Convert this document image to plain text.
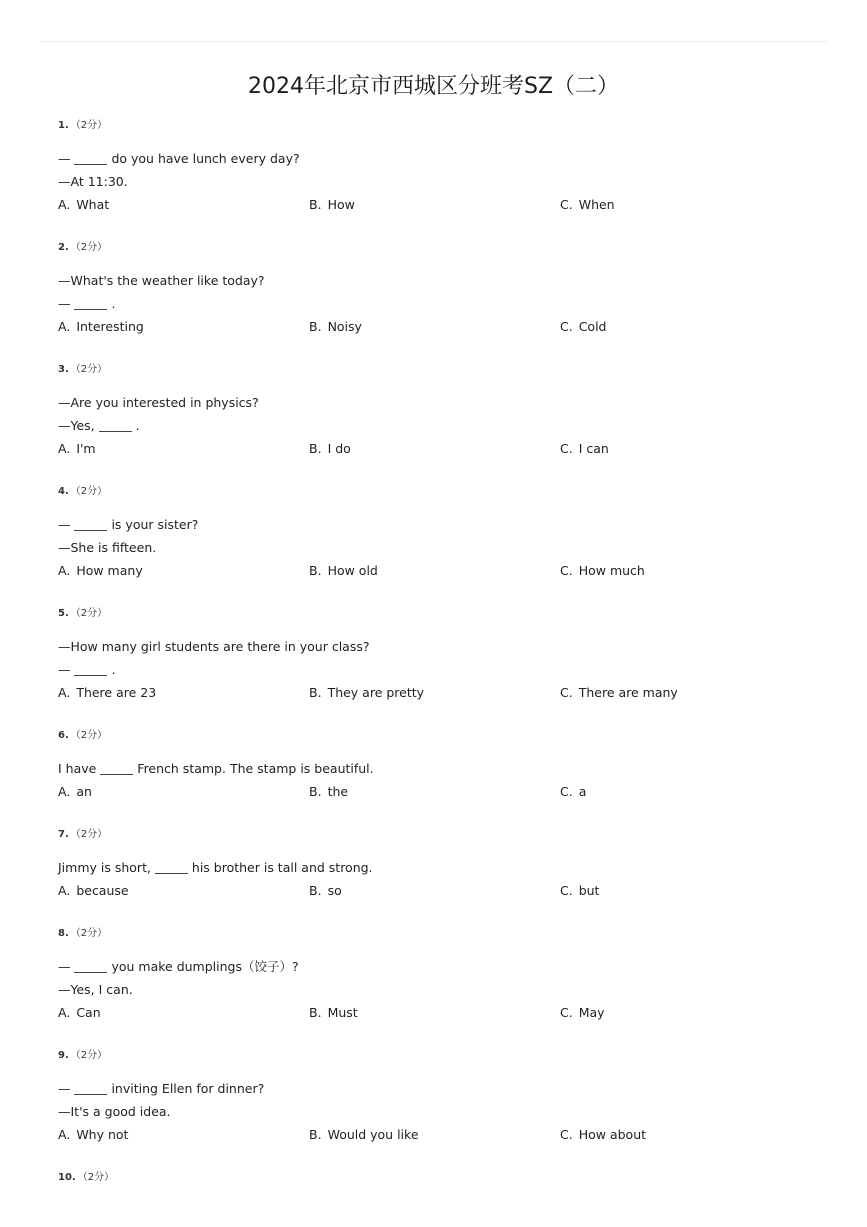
2024年北京市西城区分班考SZ（二）
1. （2分）
—	do you have lunch every day?
—At 11:30.
A. What	B. How	C. When
2. （2分）
—What's the weather like today?
—	.
A. Interesting	B. Noisy	C. Cold
3. （2分）
—Are you interested in physics?
—Yes,	.
A. I'm	B. I do	C. I can
4. （2分）
—	is your sister?
—She is fifteen.
A. How many	B. How old	C. How much
5. （2分）
—How many girl students are there in your class?
—	.
A. There are 23	B. They are pretty	C. There are many
6. （2分）
I have	French stamp. The stamp is beautiful.
A. an	B. the	C. a
7. （2分）
Jimmy is short,	his brother is tall and strong.
A. because	B. so	C. but
8. （2分）
—	you make dumplings（饺子）?
—Yes, I can.
A. Can	B. Must	C. May
9. （2分）
—	inviting Ellen for dinner?
—It's a good idea.
A. Why not	B. Would you like	C. How about
10. （2分）
